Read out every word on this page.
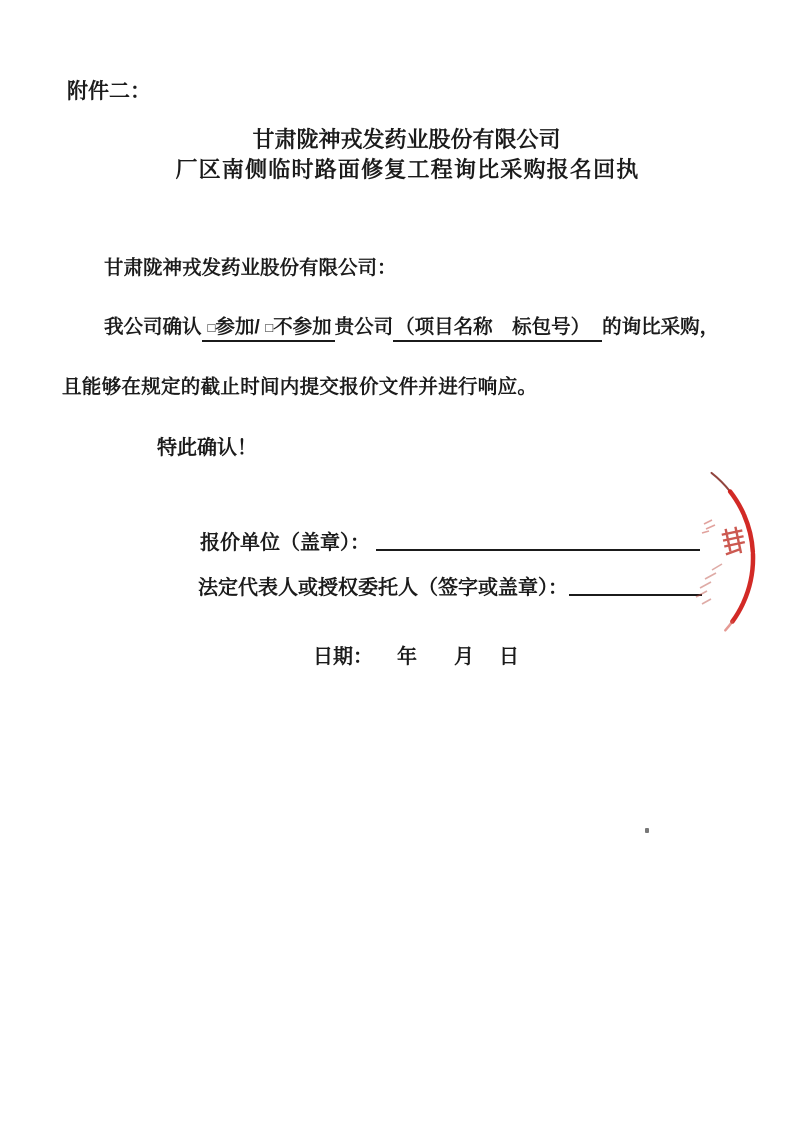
附件二：
甘肃陇神戎发药业股份有限公司
厂区南侧临时路面修复工程询比采购报名回执
甘肃陇神戎发药业股份有限公司：
我公司确认 □参加/ □不参加 贵公司 （项目名称　标包号） 的询比采购，
且能够在规定的截止时间内提交报价文件并进行响应。
特此确认！
报价单位（盖章）：
法定代表人或授权委托人（签字或盖章）：
日期： 年 月 日
